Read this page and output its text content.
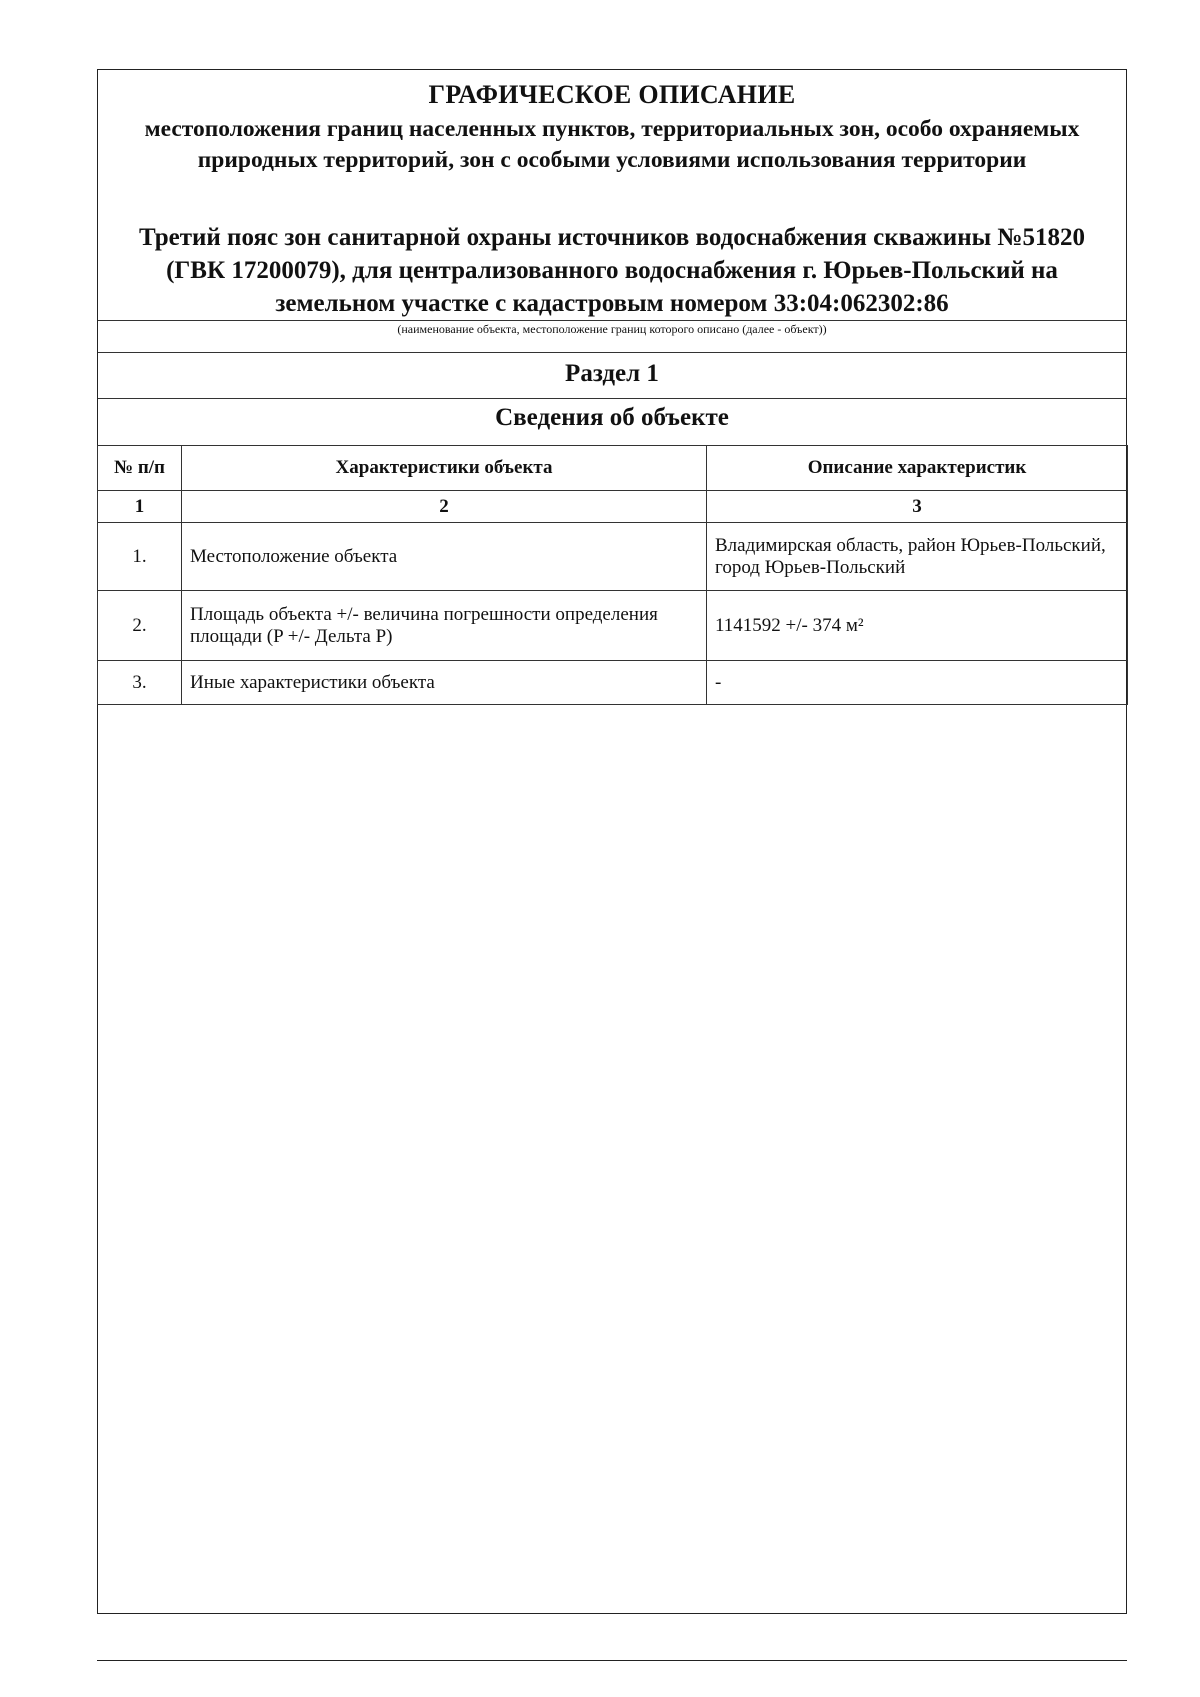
ГРАФИЧЕСКОЕ ОПИСАНИЕ
местоположения границ населенных пунктов, территориальных зон, особо охраняемых природных территорий, зон с особыми условиями использования территории
Третий пояс зон санитарной охраны источников водоснабжения скважины №51820 (ГВК 17200079), для централизованного водоснабжения г. Юрьев-Польский на земельном участке с кадастровым номером 33:04:062302:86
(наименование объекта, местоположение границ которого описано (далее - объект))
Раздел 1
Сведения об объекте
№ п/п	Характеристики объекта	Описание характеристик
1	2	3
1.	Местоположение объекта	Владимирская область, район Юрьев-Польский, город Юрьев-Польский
2.	Площадь объекта +/- величина погрешности определения площади (P +/- Дельта P)	1141592 +/- 374 м²
3.	Иные характеристики объекта	-
